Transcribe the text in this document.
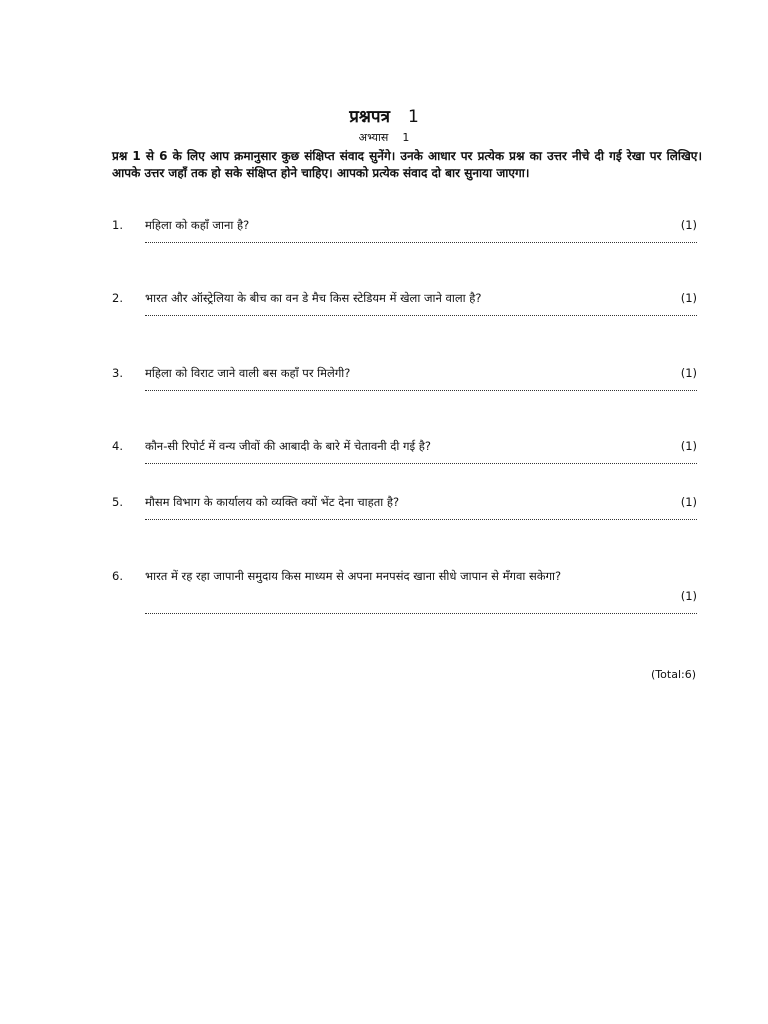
प्रश्नपत्र 1
अभ्यास 1
प्रश्न 1 से 6 के लिए आप क्रमानुसार कुछ संक्षिप्त संवाद सुनेंगे। उनके आधार पर प्रत्येक प्रश्न का उत्तर नीचे दी गई रेखा पर लिखिए। आपके उत्तर जहाँ तक हो सके संक्षिप्त होने चाहिए। आपको प्रत्येक संवाद दो बार सुनाया जाएगा।
1.	महिला को कहाँ जाना है?	(1)
2.	भारत और ऑस्ट्रेलिया के बीच का वन डे मैच किस स्टेडियम में खेला जाने वाला है?	(1)
3.	महिला को विराट जाने वाली बस कहाँ पर मिलेगी?	(1)
4.	कौन-सी रिपोर्ट में वन्य जीवों की आबादी के बारे में चेतावनी दी गई है?	(1)
5.	मौसम विभाग के कार्यालय को व्यक्ति क्यों भेंट देना चाहता है?	(1)
6.	भारत में रह रहा जापानी समुदाय किस माध्यम से अपना मनपसंद खाना सीधे जापान से मँगवा सकेगा?
(1)
(Total:6)
